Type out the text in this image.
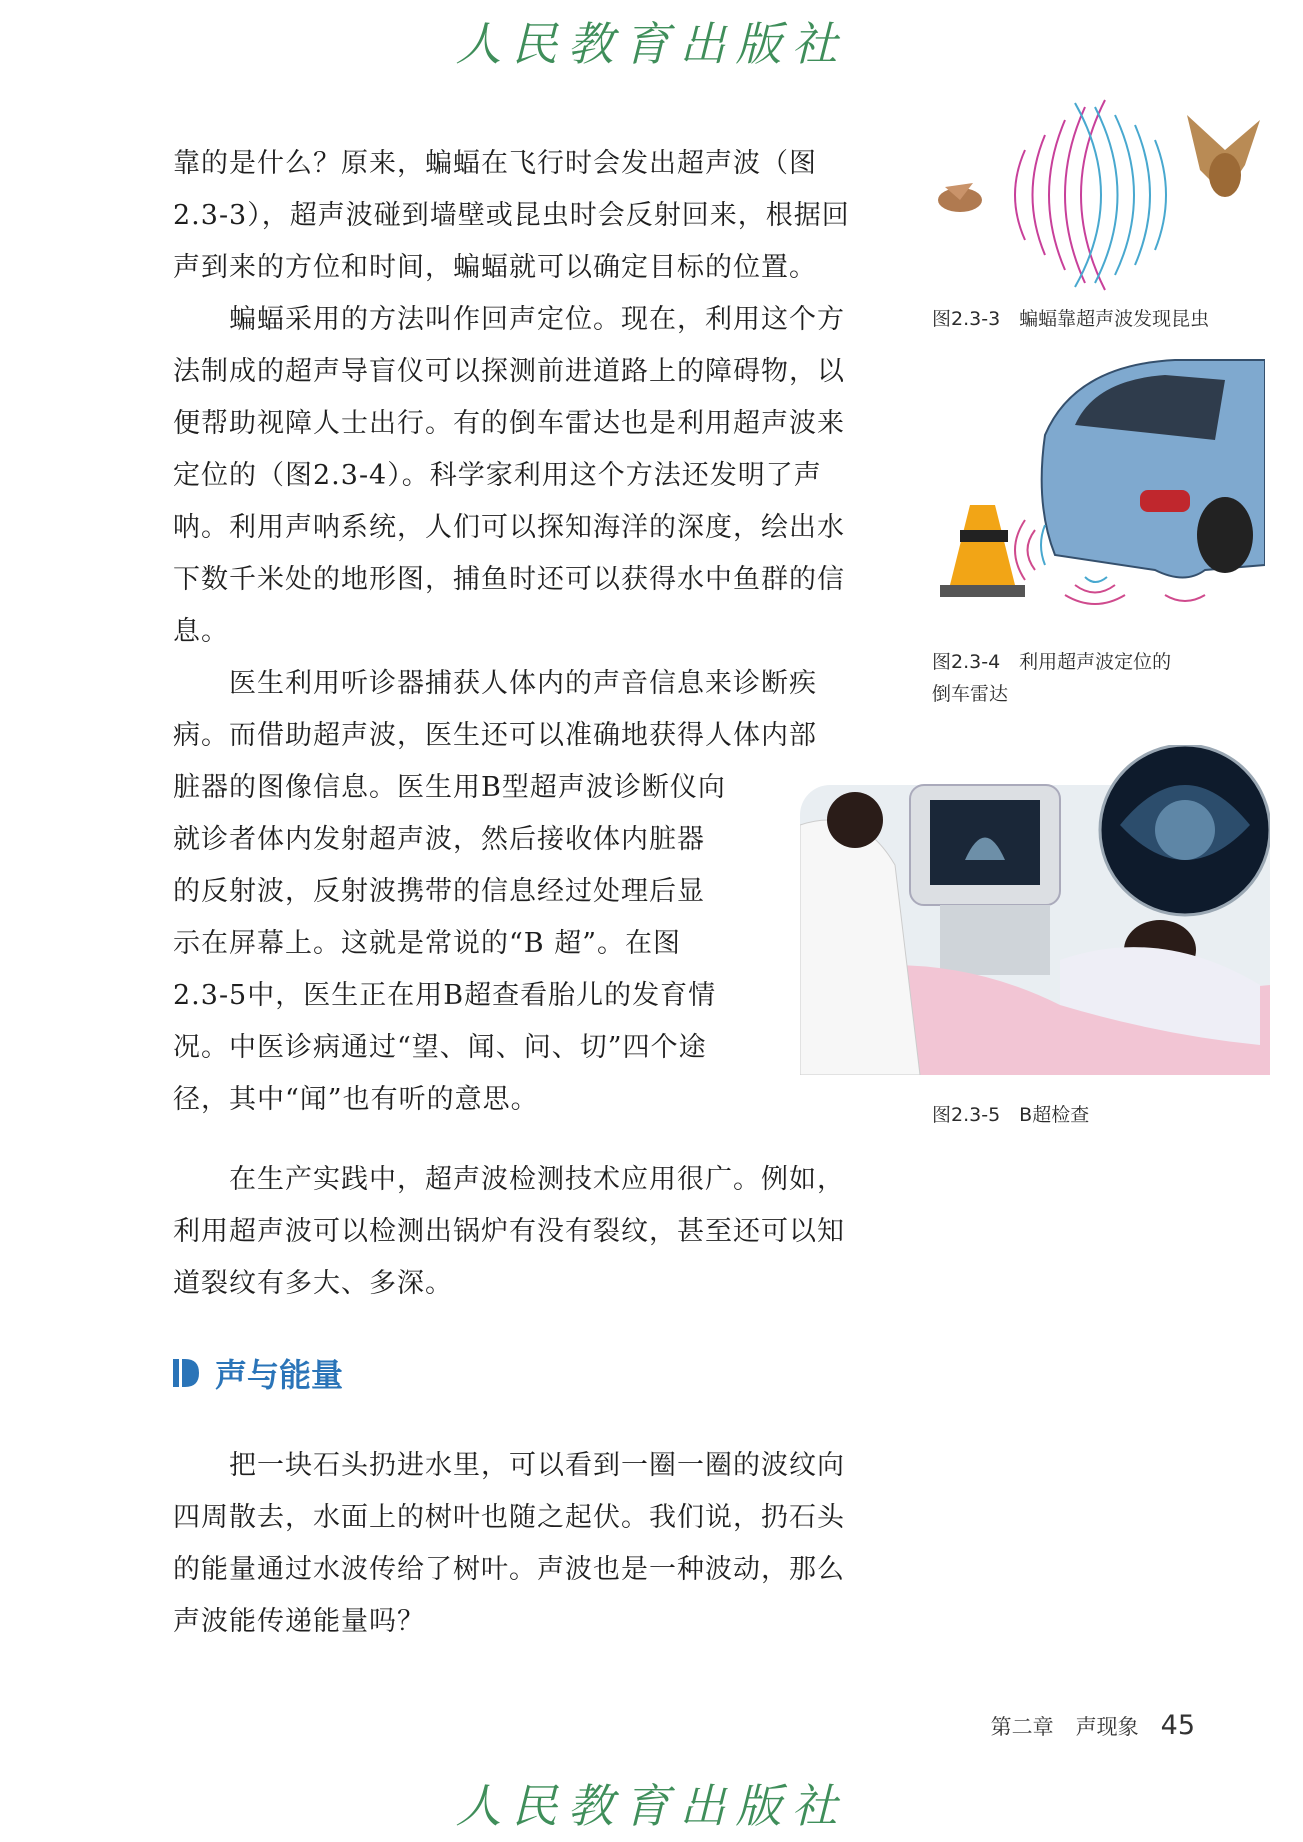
人民教育出版社

靠的是什么？原来，蝙蝠在飞行时会发出超声波（图2.3-3），超声波碰到墙壁或昆虫时会反射回来，根据回声到来的方位和时间，蝙蝠就可以确定目标的位置。

蝙蝠采用的方法叫作回声定位。现在，利用这个方法制成的超声导盲仪可以探测前进道路上的障碍物，以便帮助视障人士出行。有的倒车雷达也是利用超声波来定位的（图2.3-4）。科学家利用这个方法还发明了声呐。利用声呐系统，人们可以探知海洋的深度，绘出水下数千米处的地形图，捕鱼时还可以获得水中鱼群的信息。

医生利用听诊器捕获人体内的声音信息来诊断疾病。而借助超声波，医生还可以准确地获得人体内部

脏器的图像信息。医生用B型超声波诊断仪向就诊者体内发射超声波，然后接收体内脏器的反射波，反射波携带的信息经过处理后显示在屏幕上。这就是常说的“B 超”。在图2.3-5中，医生正在用B超查看胎儿的发育情况。中医诊病通过“望、闻、问、切”四个途径，其中“闻”也有听的意思。

在生产实践中，超声波检测技术应用很广。例如，利用超声波可以检测出锅炉有没有裂纹，甚至还可以知道裂纹有多大、多深。

图2.3-3　蝙蝠靠超声波发现昆虫
图2.3-4　利用超声波定位的
倒车雷达
图2.3-5　B超检查
声与能量

把一块石头扔进水里，可以看到一圈一圈的波纹向四周散去，水面上的树叶也随之起伏。我们说，扔石头的能量通过水波传给了树叶。声波也是一种波动，那么声波能传递能量吗？

第二章 声现象 45
人民教育出版社
